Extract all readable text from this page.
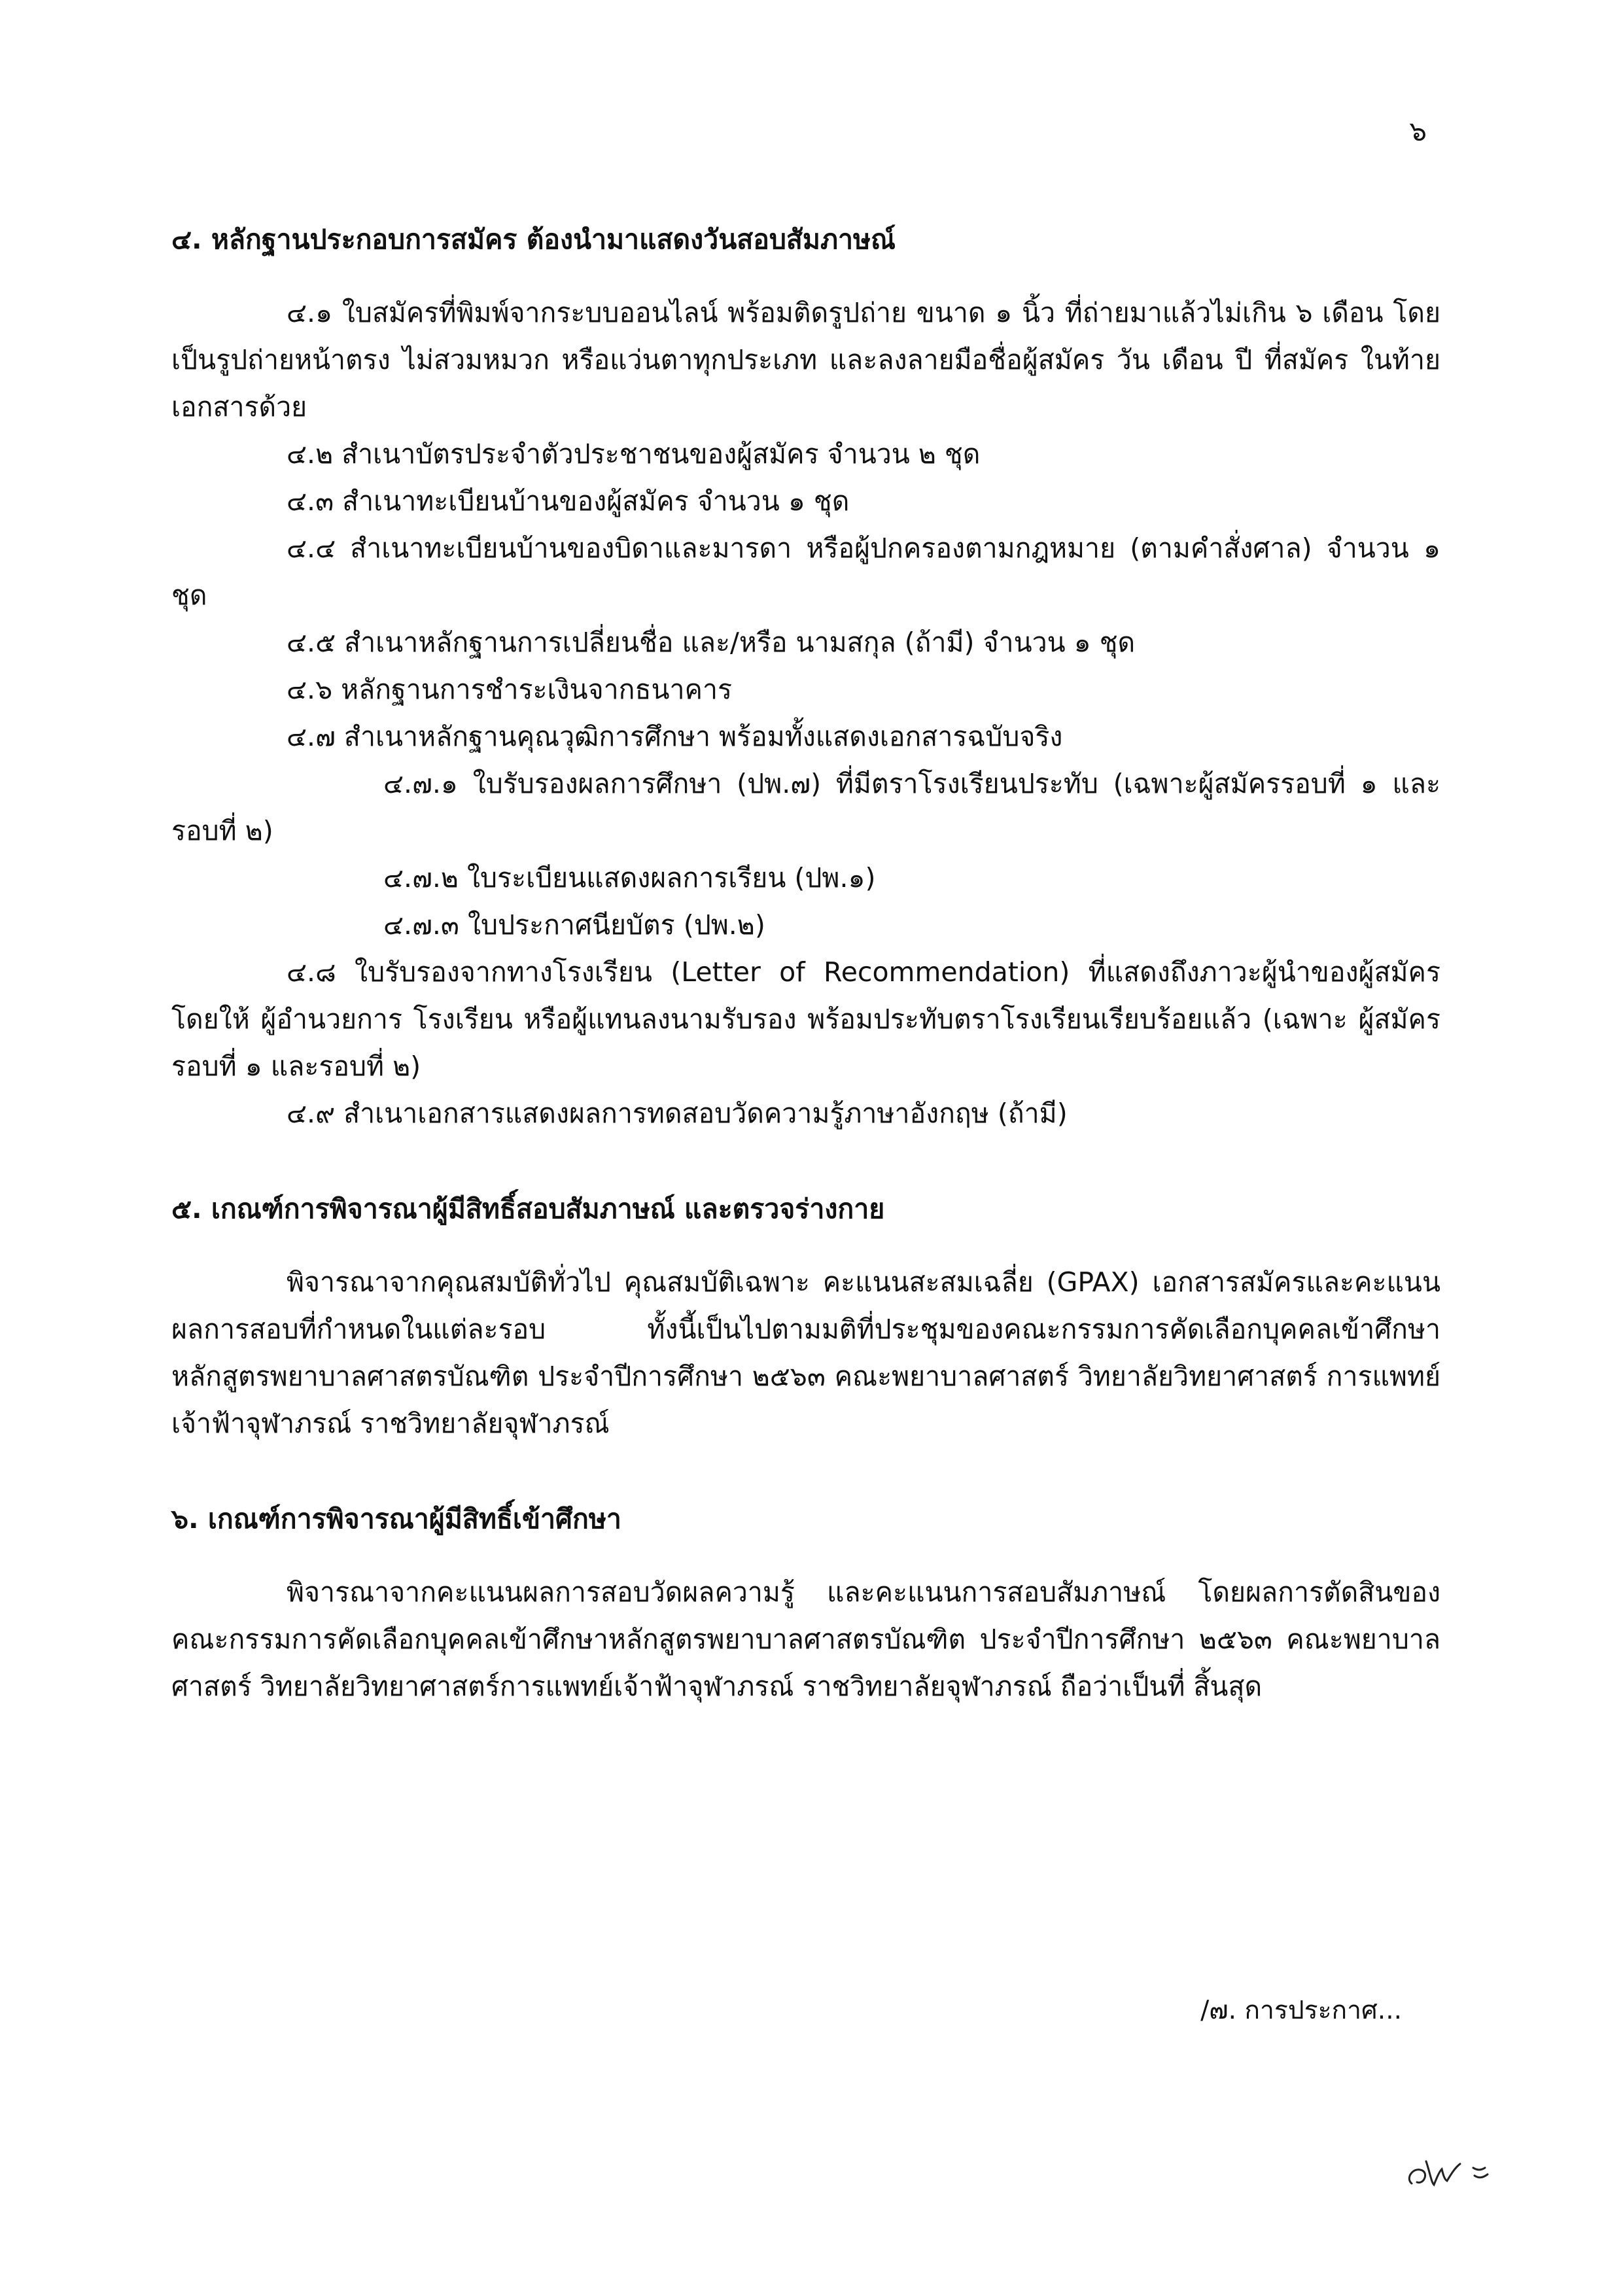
๖

๔. หลักฐานประกอบการสมัคร ต้องนำมาแสดงวันสอบสัมภาษณ์

๔.๑ ใบสมัครที่พิมพ์จากระบบออนไลน์ พร้อมติดรูปถ่าย ขนาด ๑ นิ้ว ที่ถ่ายมาแล้วไม่เกิน ๖ เดือน โดยเป็นรูปถ่ายหน้าตรง ไม่สวมหมวก หรือแว่นตาทุกประเภท และลงลายมือชื่อผู้สมัคร วัน เดือน ปี ที่สมัคร ในท้ายเอกสารด้วย

๔.๒ สำเนาบัตรประจำตัวประชาชนของผู้สมัคร จำนวน ๒ ชุด

๔.๓ สำเนาทะเบียนบ้านของผู้สมัคร จำนวน ๑ ชุด

๔.๔ สำเนาทะเบียนบ้านของบิดาและมารดา หรือผู้ปกครองตามกฎหมาย (ตามคำสั่งศาล) จำนวน ๑ ชุด

๔.๕ สำเนาหลักฐานการเปลี่ยนชื่อ และ/หรือ นามสกุล (ถ้ามี) จำนวน ๑ ชุด

๔.๖ หลักฐานการชำระเงินจากธนาคาร

๔.๗ สำเนาหลักฐานคุณวุฒิการศึกษา พร้อมทั้งแสดงเอกสารฉบับจริง

๔.๗.๑ ใบรับรองผลการศึกษา (ปพ.๗) ที่มีตราโรงเรียนประทับ (เฉพาะผู้สมัครรอบที่ ๑ และ รอบที่ ๒)

๔.๗.๒ ใบระเบียนแสดงผลการเรียน (ปพ.๑)

๔.๗.๓ ใบประกาศนียบัตร (ปพ.๒)

๔.๘ ใบรับรองจากทางโรงเรียน (Letter of Recommendation) ที่แสดงถึงภาวะผู้นำของผู้สมัคร โดยให้ ผู้อำนวยการ โรงเรียน หรือผู้แทนลงนามรับรอง พร้อมประทับตราโรงเรียนเรียบร้อยแล้ว (เฉพาะ ผู้สมัครรอบที่ ๑ และรอบที่ ๒)

๔.๙ สำเนาเอกสารแสดงผลการทดสอบวัดความรู้ภาษาอังกฤษ (ถ้ามี)

๕. เกณฑ์การพิจารณาผู้มีสิทธิ์สอบสัมภาษณ์ และตรวจร่างกาย

พิจารณาจากคุณสมบัติทั่วไป คุณสมบัติเฉพาะ คะแนนสะสมเฉลี่ย (GPAX) เอกสารสมัครและคะแนน ผลการสอบที่กำหนดในแต่ละรอบ ทั้งนี้เป็นไปตามมติที่ประชุมของคณะกรรมการคัดเลือกบุคคลเข้าศึกษา หลักสูตรพยาบาลศาสตรบัณฑิต ประจำปีการศึกษา ๒๕๖๓ คณะพยาบาลศาสตร์ วิทยาลัยวิทยาศาสตร์ การแพทย์เจ้าฟ้าจุฬาภรณ์ ราชวิทยาลัยจุฬาภรณ์

๖. เกณฑ์การพิจารณาผู้มีสิทธิ์เข้าศึกษา

พิจารณาจากคะแนนผลการสอบวัดผลความรู้ และคะแนนการสอบสัมภาษณ์ โดยผลการตัดสินของ คณะกรรมการคัดเลือกบุคคลเข้าศึกษาหลักสูตรพยาบาลศาสตรบัณฑิต ประจำปีการศึกษา ๒๕๖๓ คณะพยาบาลศาสตร์ วิทยาลัยวิทยาศาสตร์การแพทย์เจ้าฟ้าจุฬาภรณ์ ราชวิทยาลัยจุฬาภรณ์ ถือว่าเป็นที่ สิ้นสุด

/๗. การประกาศ...
